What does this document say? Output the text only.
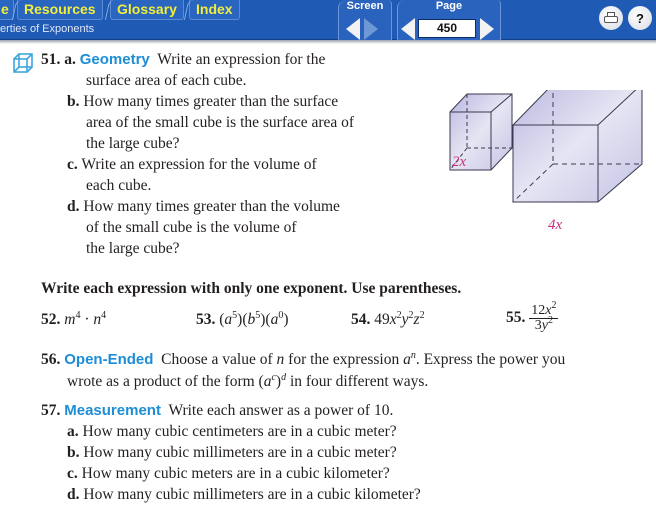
e	Resources	Glossary	Index
erties of Exponents
Screen	Page
450
?
51. a. Geometry Write an expression for the
surface area of each cube.
b. How many times greater than the surface
area of the small cube is the surface area of
the large cube?
c. Write an expression for the volume of
each cube.
d. How many times greater than the volume
of the small cube is the volume of
the large cube?
2x
4x
Write each expression with only one exponent. Use parentheses.
52. $m^4 \cdot n^4$	53. $(a^5)(b^5)(a^0)$	54. $49x^2y^2z^2$	55. $\frac{12x^2}{3y^2}$
56. Open-Ended Choose a value of n for the expression $a^n$. Express the power you
wrote as a product of the form $(a^c)^d$ in four different ways.
57. Measurement Write each answer as a power of 10.
a. How many cubic centimeters are in a cubic meter?
b. How many cubic millimeters are in a cubic meter?
c. How many cubic meters are in a cubic kilometer?
d. How many cubic millimeters are in a cubic kilometer?
